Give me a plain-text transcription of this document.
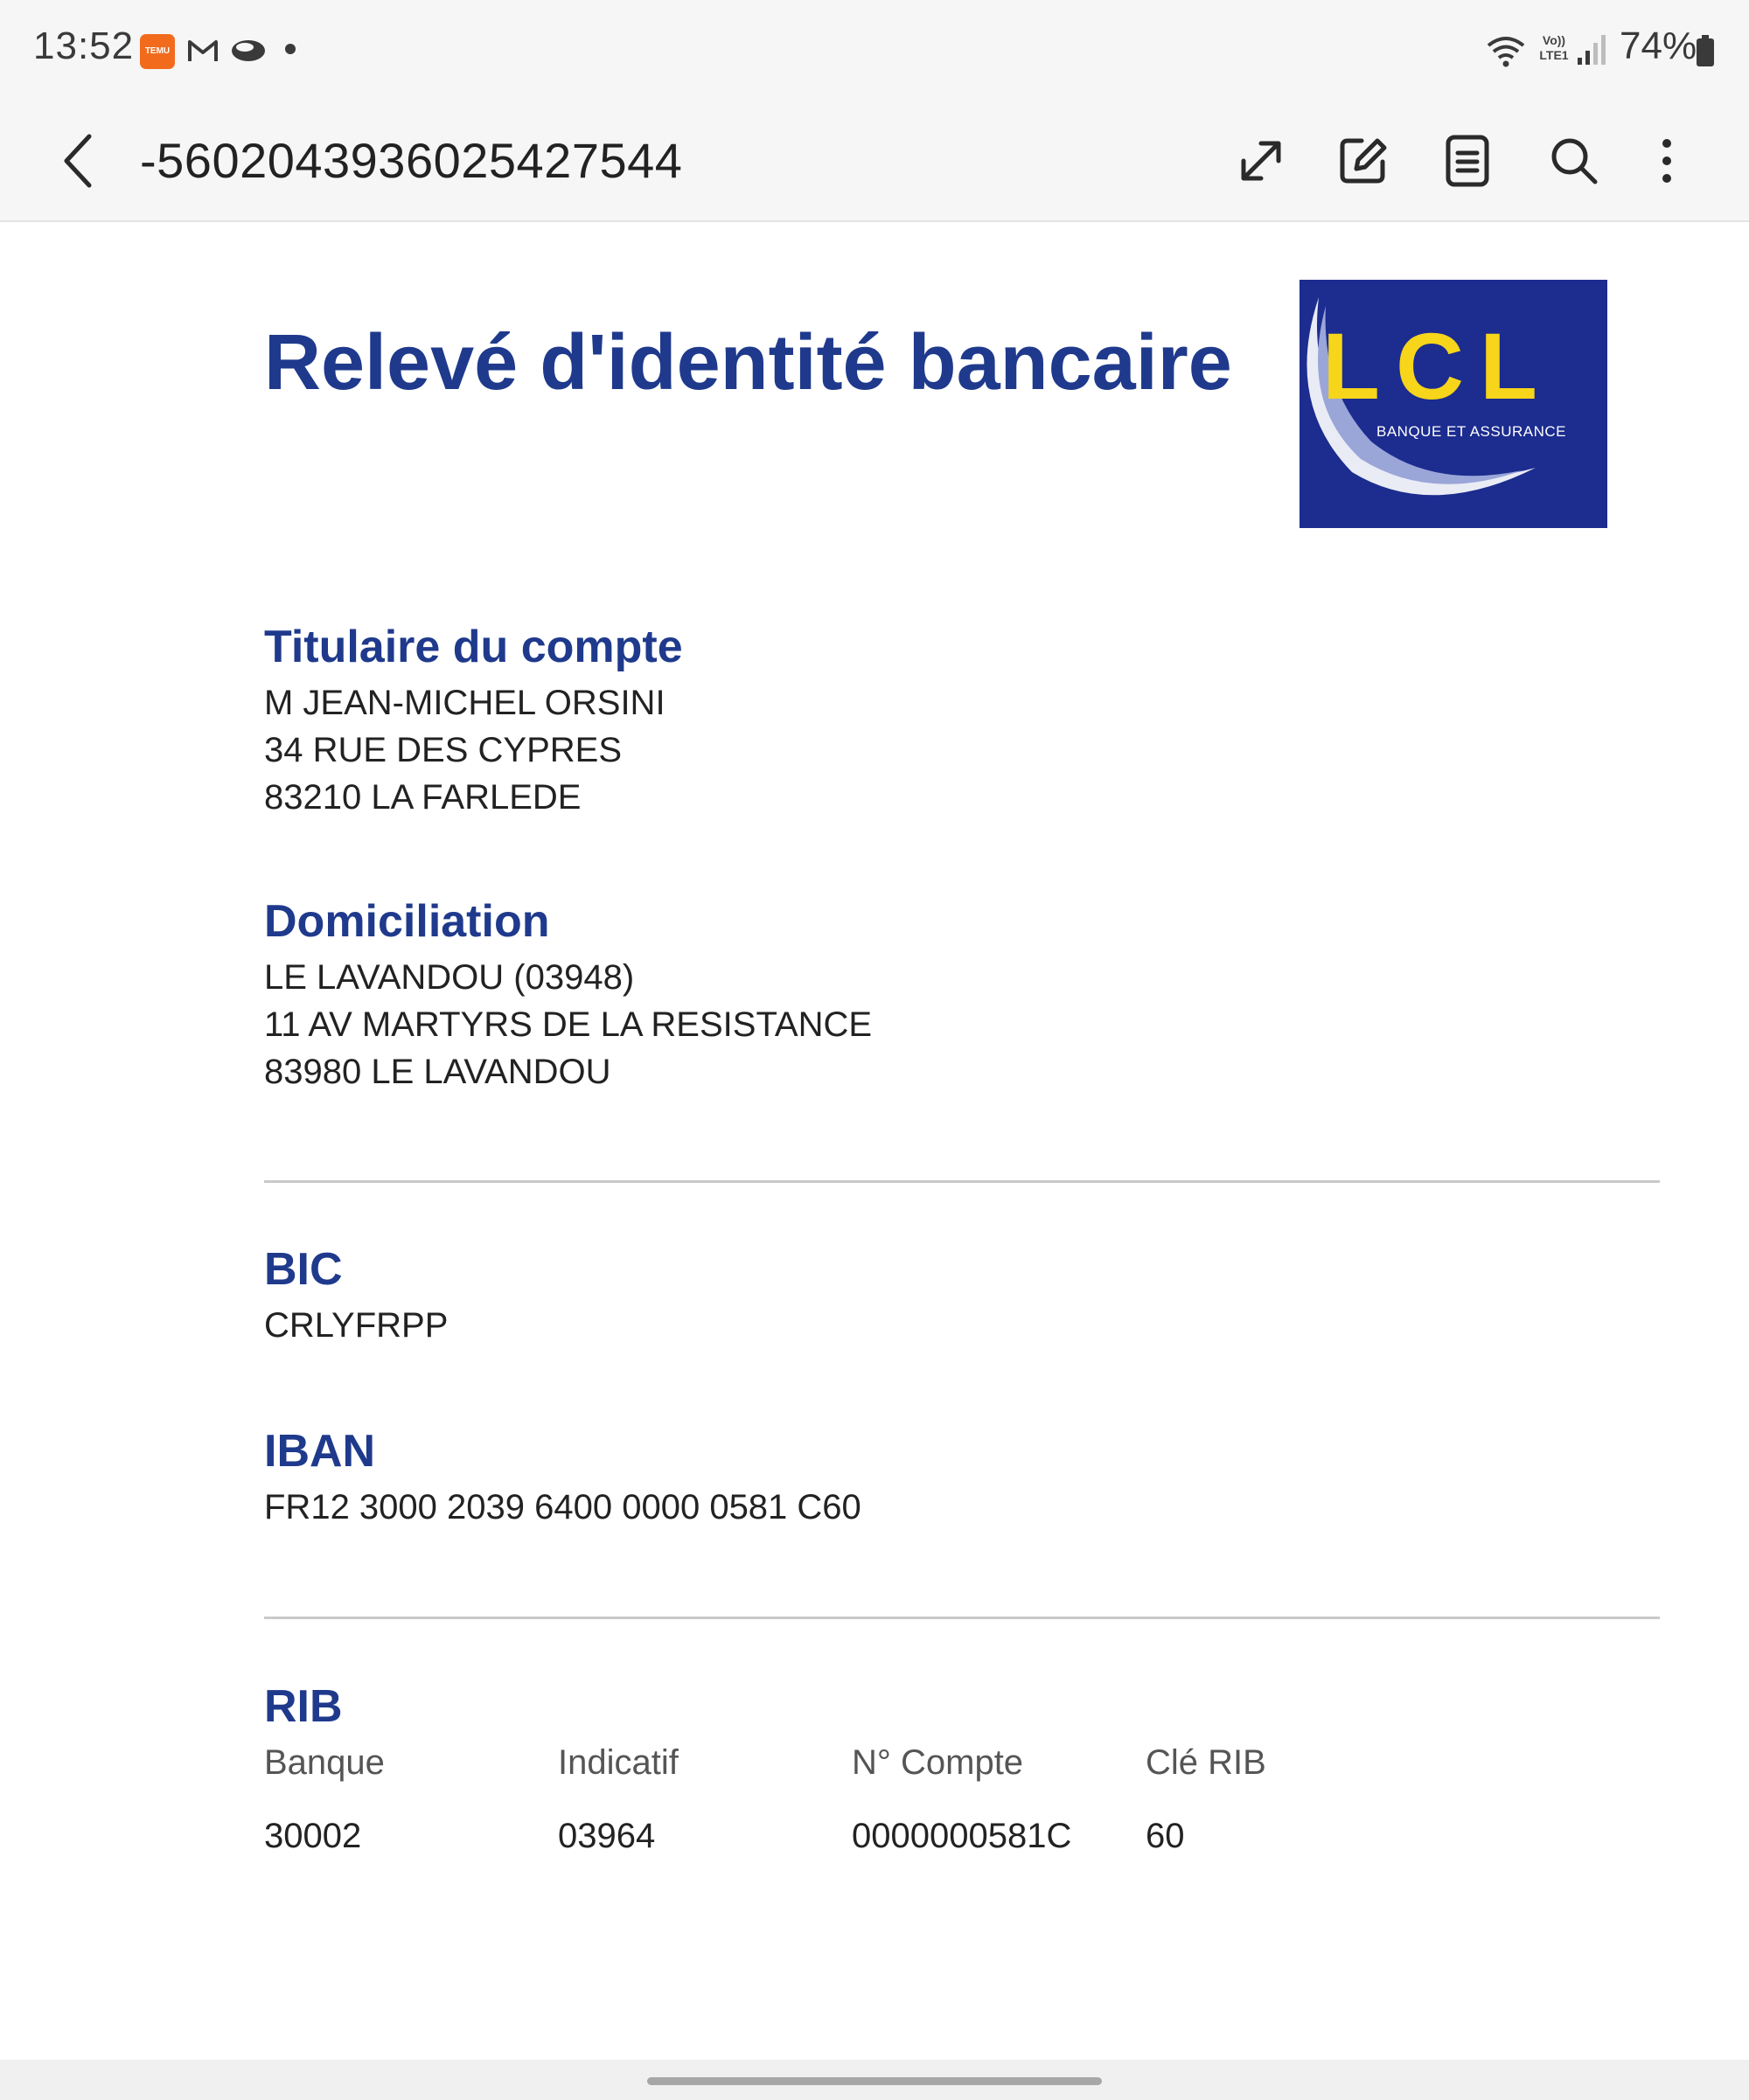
13:52	TEMU
Vo))
LTE1 74%
-5602043936025427544
Relevé d'identité bancaire LCL
BANQUE ET ASSURANCE
Titulaire du compte
M JEAN-MICHEL ORSINI
34 RUE DES CYPRES
83210 LA FARLEDE
Domiciliation
LE LAVANDOU (03948)
11 AV MARTYRS DE LA RESISTANCE
83980 LE LAVANDOU
BIC
CRLYFRPP
IBAN
FR12 3000 2039 6400 0000 0581 C60
RIB
Banque	Indicatif	N° Compte	Clé RIB
30002	03964	0000000581C 60
